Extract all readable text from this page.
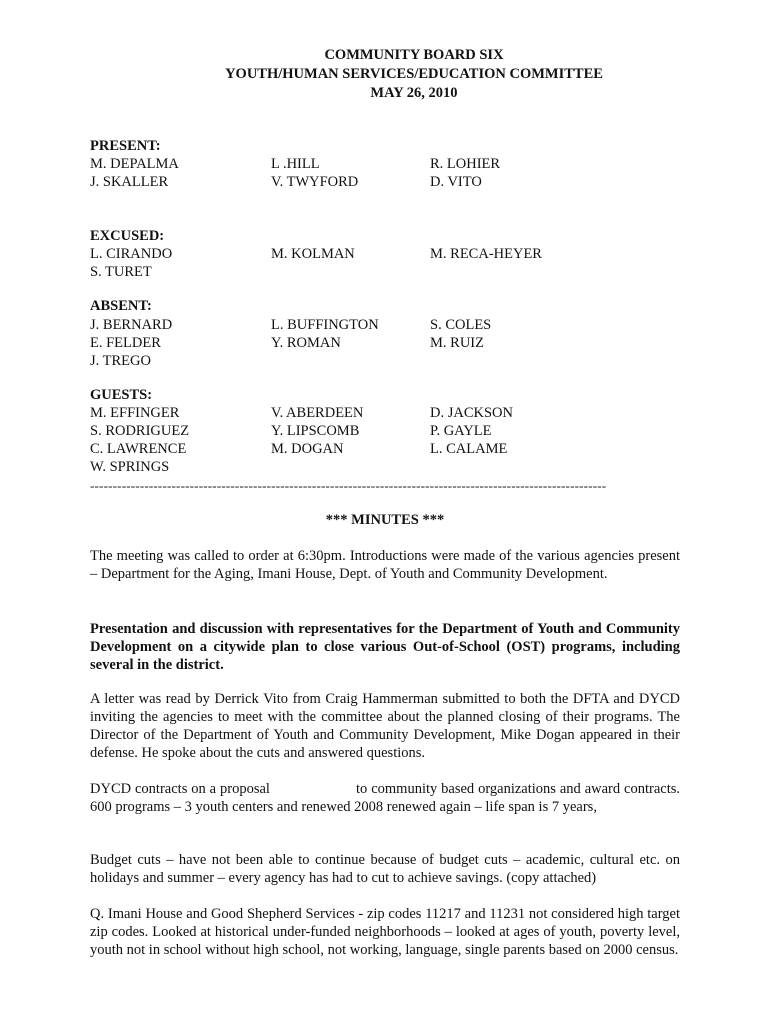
COMMUNITY BOARD SIX
YOUTH/HUMAN SERVICES/EDUCATION COMMITTEE
MAY 26, 2010
PRESENT:
M. DEPALMA	L .HILL	R. LOHIER
J. SKALLER	V. TWYFORD	D. VITO
EXCUSED:
L. CIRANDO	M. KOLMAN	M. RECA-HEYER
S. TURET
ABSENT:
J. BERNARD	L. BUFFINGTON	S. COLES
E. FELDER	Y. ROMAN	M. RUIZ
J. TREGO
GUESTS:
M. EFFINGER	V. ABERDEEN	D. JACKSON
S. RODRIGUEZ	Y. LIPSCOMB	P. GAYLE
C. LAWRENCE	M. DOGAN	L. CALAME
W. SPRINGS
------------------------------------------------------------------------------------------------------------------
*** MINUTES ***
The meeting was called to order at 6:30pm. Introductions were made of the various agencies present – Department for the Aging, Imani House, Dept. of Youth and Community Development.
Presentation and discussion with representatives for the Department of Youth and Community Development on a citywide plan to close various Out-of-School (OST) programs, including several in the district.
A letter was read by Derrick Vito from Craig Hammerman submitted to both the DFTA and DYCD inviting the agencies to meet with the committee about the planned closing of their programs. The Director of the Department of Youth and Community Development, Mike Dogan appeared in their defense. He spoke about the cuts and answered questions.
DYCD contracts on a proposal                      to community based organizations and award contracts.  600 programs – 3 youth centers and renewed 2008 renewed again – life span is 7 years,
Budget cuts – have not been able to continue because of budget cuts – academic, cultural etc. on holidays and summer – every agency has had to cut to achieve savings. (copy attached)
Q. Imani House and Good Shepherd Services - zip codes 11217 and 11231 not considered high target zip codes. Looked at historical under-funded neighborhoods – looked at ages of youth, poverty level, youth not in school without high school, not working, language, single parents based on 2000 census.
